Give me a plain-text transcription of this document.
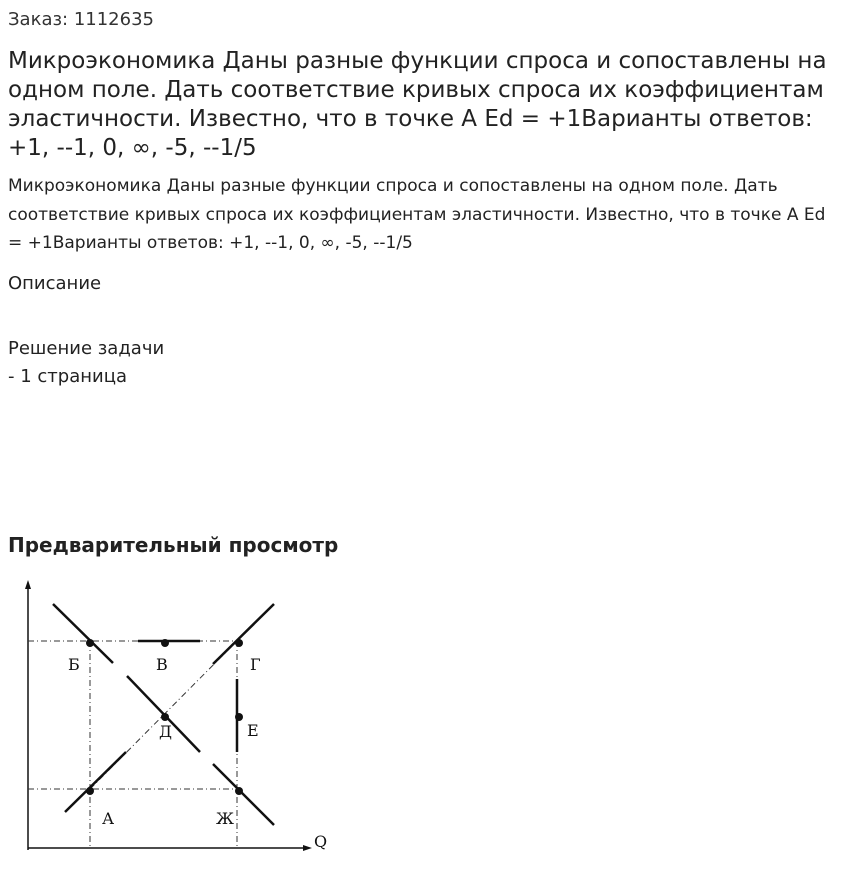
Заказ: 1112635
Микроэкономика Даны разные функции спроса и сопоставлены на одном поле. Дать соответствие кривых спроса их коэффициентам эластичности. Известно, что в точке А Ed = +1Варианты ответов: +1, --1, 0, ∞, -5, --1/5

Микроэкономика Даны разные функции спроса и сопоставлены на одном поле. Дать соответствие кривых спроса их коэффициентам эластичности. Известно, что в точке А Ed = +1Варианты ответов: +1, --1, 0, ∞, -5, --1/5

Описание
Решение задачи
- 1 страница
Предварительный просмотр
Q
Б	В	Г
Д	Е
А	Ж
